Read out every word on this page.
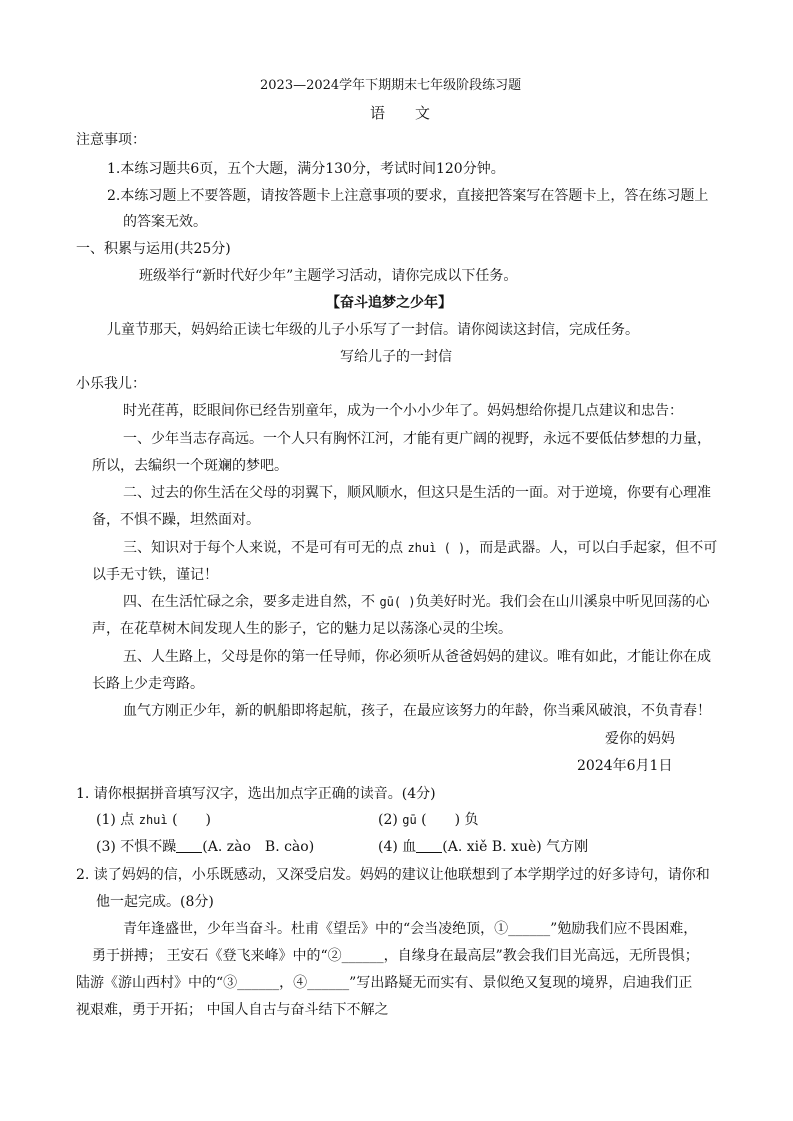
2023—2024学年下期期末七年级阶段练习题
语　　文
注意事项：
1.本练习题共6页，五个大题，满分130分，考试时间120分钟。
2.本练习题上不要答题，请按答题卡上注意事项的要求，直接把答案写在答题卡上，答在练习题上
的答案无效。
一、积累与运用(共25分)
班级举行“新时代好少年”主题学习活动，请你完成以下任务。
【奋斗追梦之少年】
儿童节那天，妈妈给正读七年级的儿子小乐写了一封信。请你阅读这封信，完成任务。
写给儿子的一封信
小乐我儿：
时光荏苒，眨眼间你已经告别童年，成为一个小小少年了。妈妈想给你提几点建议和忠告：
一、少年当志存高远。一个人只有胸怀江河，才能有更广阔的视野，永远不要低估梦想的力量，
所以，去编织一个斑斓的梦吧。
二、过去的你生活在父母的羽翼下，顺风顺水，但这只是生活的一面。对于逆境，你要有心理准
备，不惧不躁，坦然面对。
三、知识对于每个人来说，不是可有可无的点 zhuì ( )，而是武器。人，可以白手起家，但不可
以手无寸铁，谨记！
四、在生活忙碌之余，要多走进自然，不 gū( )负美好时光。我们会在山川溪泉中听见回荡的心
声，在花草树木间发现人生的影子，它的魅力足以荡涤心灵的尘埃。
五、人生路上，父母是你的第一任导师，你必须听从爸爸妈妈的建议。唯有如此，才能让你在成
长路上少走弯路。
血气方刚正少年，新的帆船即将起航，孩子，在最应该努力的年龄，你当乘风破浪，不负青春！
爱你的妈妈
2024年6月1日
1. 请你根据拼音填写汉字，选出加点字正确的读音。(4分)
(1) 点 zhuì (　　)	(2) gū (　　) 负
(3) 不惧不躁 (A. zào　B. cào)	(4) 血 (A. xiě B. xuè) 气方刚
2. 读了妈妈的信，小乐既感动，又深受启发。妈妈的建议让他联想到了本学期学过的好多诗句，请你和
他一起完成。(8分)
青年逢盛世，少年当奋斗。杜甫《望岳》中的“会当凌绝顶，①______”勉励我们应不畏困难，
勇于拼搏； 王安石《登飞来峰》中的“②______，自缘身在最高层”教会我们目光高远，无所畏惧；
陆游《游山西村》中的“③______，④______”写出路疑无而实有、景似绝又复现的境界，启迪我们正
视艰难，勇于开拓； 中国人自古与奋斗结下不解之
